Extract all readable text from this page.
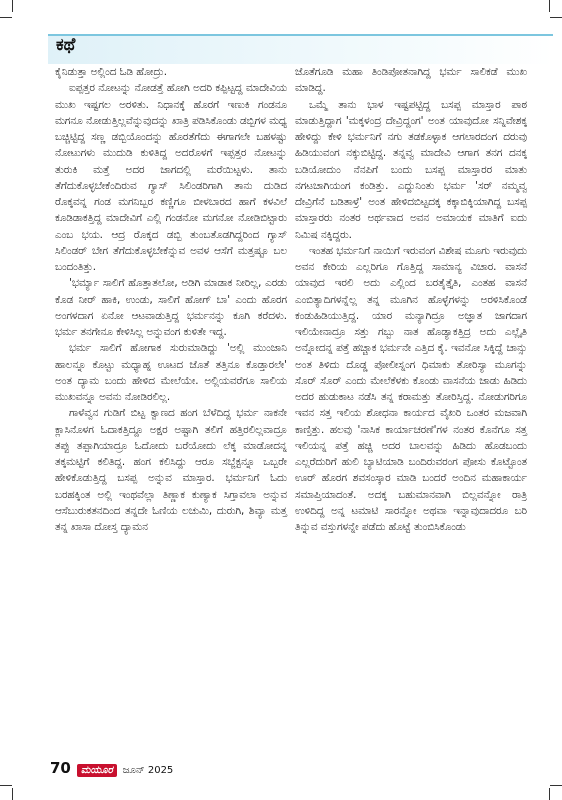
ಕಥೆ

ಕೈನಿಡುತ್ತಾ ಅಲ್ಲಿಂದ ಓಡಿ ಹೋದ್ರು.

ಐಪ್ಪತ್ತರ ನೋಟನ್ನು ನೋಡತ್ತೆ ಹೋಗಿ ಅದರಿ ಕಪ್ಪಿಟ್ಟದ್ದ ಮಾದೇವಿಯ ಮುಖ ಇಷ್ಟಗಲ ಅರಳಿತು. ನಿಧಾನಕ್ಕೆ ಹೊರಗೆ ಇಣುಕಿ ಗಂಡನೂ ಮಗನೂ ನೋಡುತ್ತಿಲ್ಲವೆನ್ನುವುದನ್ನು ಖಾತ್ರಿ ಪಡಿಸಿಕೊಂಡು ಡಬ್ಬಿಗಳ ಮಧ್ಯ ಬಚ್ಚಿಟ್ಟಿದ್ದ ಸಣ್ಣ ಡಬ್ಬಿಯೊಂದನ್ನು ಹೊರತೆಗೆದು ಈಗಾಗಲೇ ಬಹಳಷ್ಟು ನೋಟುಗಳು ಮುದುಡಿ ಕುಳಿತಿದ್ದ ಅದರೊಳಗೆ ಇಪ್ಪತ್ತರ ನೋಟನ್ನು ತುರುಕಿ ಮತ್ತೆ ಅದರ ಜಾಗದಲ್ಲಿ ಮರೆಯಿಟ್ಟಳು. ತಾನು ತೆಗೆದುಕೊಳ್ಳಬೇಕೆಂದಿರುವ ಗ್ಯಾಸ್ ಸಿಲಿಂಡರಿಗಾಗಿ ತಾನು ದುಡಿದ ರೊಕ್ಕವನ್ನ ಗಂಡ ಮಗನಿಬ್ಬರ ಕಣ್ಣಿಗೂ ಬೀಳಬಾರದ ಹಾಗೆ ಕಳವಿಲೆ ಕೂಡಿಡಾಕತ್ತಿದ್ದ ಮಾದೇವಿಗೆ ಎಲ್ಲಿ ಗಂಡನೋ ಮಗನೋ ನೋಡಿಬಿಟ್ಟಾರು ಎಂಬ ಭಯ. ಆದ್ರ ರೊಕ್ಕದ ಡಬ್ಬಿ ತುಂಬತೊಡಗಿದ್ದರಿಂದ ಗ್ಯಾಸ್ ಸಿಲಿಂಡರ್ ಬೇಗ ತೆಗೆದುಕೊಳ್ಳಬೇಕೆನ್ನುವ ಅವಳ ಆಸೆಗೆ ಮತ್ತಷ್ಟೂ ಬಲ ಬಂದಂತಿತ್ತು.

'ಭರ್ಮ್ಯಾ ಸಾಲಿಗೆ ಹೊತ್ತಾತಲೋ, ಅಡಿಗಿ ಮಾಡಾಕ ನೀರಿಲ್ಲ, ಎರಡು ಕೊಡ ನೀರ್ ಹಾಕಿ, ಉಂಡು, ಸಾಲಿಗೆ ಹೋಗ್ ಬಾ' ಎಂದು ಹೊರಗ ಅಂಗಳದಾಗ ಏನೋ ಆಟವಾಡುತ್ತಿದ್ದ ಭರ್ಮನನ್ನು ಕೂಗಿ ಕರೆದಳು. ಭರ್ಮ ತನಗೇನೂ ಕೇಳಿಸಿಲ್ಲ ಅನ್ನುವಂಗ ಕುಳಿತೇ ಇದ್ದ.

ಭರ್ಮ ಸಾಲಿಗೆ ಹೋಗಾಕ ಸುರುಮಾಡಿದ್ದು 'ಅಲ್ಲಿ ಮುಂಜಾನಿ ಹಾಲನ್ನೂ ಕೊಟ್ಟು ಮಧ್ಯಾಹ್ನ ಊಟದ ಜೊತೆ ತತ್ತಿನೂ ಕೊಡ್ತಾರಲೇ' ಅಂತ ದ್ಯಾಮ ಬಂದು ಹೇಳಿದ ಮೇಲೆಯೇ. ಅಲ್ಲಿಯವರೆಗೂ ಸಾಲಿಯ ಮುಖವನ್ನೂ ಅವನು ನೋಡಿರಲಿಲ್ಲ.

ಗಾಳೆವ್ವನ ಗುಡಿಗೆ ಬಿಟ್ಟ ಕ್ವಾಣದ ಹಂಗ ಬೆಳೆದಿದ್ದ ಭರ್ಮ ನಾಕನೇ ಕ್ಲಾಸಿನೊಳಗ ಓದಾಕತ್ತಿದ್ದೂ ಅಕ್ಷರ ಅಷ್ಟಾಗಿ ತಲಿಗೆ ಹತ್ತಿರಲಿಲ್ಲವಾದ್ರೂ ತಪ್ಪು ತಪ್ಪಾಗಿಯಾದ್ರೂ ಓದೋದು ಬರೆಯೋದು ಲೆಕ್ಕ ಮಾಡೋದನ್ನ ತಕ್ಕಮಟ್ಟಿಗೆ ಕಲಿತಿದ್ದ. ಹಂಗ ಕಲಿಸಿದ್ದು ಆರೂ ಸಬ್ಜೆಕ್ಟನ್ನೂ ಒಬ್ಬರೇ ಹೇಳಿಕೊಡುತ್ತಿದ್ದ ಬಸಪ್ಪ ಅನ್ನುವ ಮಾಸ್ತಾರ. ಭರ್ಮನಿಗೆ ಓದು ಬರಹಕ್ಕಿಂತ ಅಲ್ಲಿ ಇಂಥವೆಲ್ಲಾ ತಿಣ್ಣಾಕ ಕುಣ್ಯಾಕ ಸಿಗ್ತಾವಲಾ ಅನ್ನುವ ಆಸೆಬುರುಕತನದಿಂದ ತನ್ನದೇ ಓಣಿಯ ಲಚುಮಿ, ದುರುಗಿ, ಶಿವ್ಯಾ ಮತ್ತ ತನ್ನ ಖಾಸಾ ದೋಸ್ತ ದ್ಯಾಮನ

ಜೊತೆಗೂಡಿ ಮಹಾ ತಿಂಡಿಪೋತನಾಗಿದ್ದ ಭರ್ಮ ಸಾಲಿಕಡೆ ಮುಖ ಮಾಡಿದ್ದ.

ಒಮ್ಮೆ ತಾನು ಭಾಳ ಇಷ್ಟಪಟ್ಟಿದ್ದ ಬಸಪ್ಪ ಮಾಸ್ತಾರ ಪಾಠ ಮಾಡುತ್ತಿದ್ದಾಗ 'ಮಕ್ಕಳಂದ್ರ ದೇವ್ರಿದ್ದಂಗ' ಅಂತ ಯಾವುದೋ ಸನ್ನಿವೇಶಕ್ಕ ಹೇಳಿದ್ದು ಕೇಳಿ ಭರ್ಮನಿಗೆ ನಗು ತಡಕೊಳ್ಳಾಕ ಆಗಲಾರದಂಗ ದರುವು ಹಿಡಿಯುವಂಗ ನಕ್ಕುಬಿಟ್ಟಿದ್ದ. ತನ್ನವ್ವ ಮಾದೇವಿ ಆಗಾಗ ತನಗ ದನಕ್ಕ ಬಡಿಯೋದುಂ ನೆನಪಿಗೆ ಬಂದು ಬಸಪ್ಪ ಮಾಸ್ತಾರರ ಮಾತು ನಗಟಚಾಗಿಯಂಗ ಕಂಡಿತ್ತು. ಎದ್ದುನಿಂತು ಭರ್ಮ 'ಸರ್ ನಮ್ಮವ್ವ ದೇವ್ರಿಗೆನೆ ಬಡಿತಾಳ್ರೆ' ಅಂತ ಹೇಳಿದಬಿಟ್ಟದಕ್ಕ ಕಕ್ಕಾಬಿಕ್ಕಿಯಾಗಿದ್ದ ಬಸಪ್ಪ ಮಾಸ್ತಾರರು ನಂತರ ಅರ್ಥವಾದ ಅವನ ಅಮಾಯಕ ಮಾತಿಗೆ ಐದು ನಿಮಿಷ ನಕ್ಕಿದ್ದರು.

ಇಂತಹ ಭರ್ಮನಿಗೆ ನಾಯಿಗೆ ಇರುವಂಗ ವಿಶೇಷ ಮೂಗು ಇರುವುದು ಅವನ ಕೇರಿಯ ಎಲ್ಲರಿಗೂ ಗೊತ್ತಿದ್ದ ಸಾಮಾನ್ಯ ವಿಚಾರ. ವಾಸನೆ ಯಾವುದ ಇರಲಿ ಅದು ಎಲ್ಲಿಂದ ಬರತೈತ್ತೈತಿ, ಎಂತಹ ವಾಸನೆ ಎಂಬಿತ್ಯಾದಿಗಳನ್ನೆಲ್ಲ ತನ್ನ ಮೂಗಿನ ಹೊಳ್ಳೆಗಳನ್ನು ಅರಳಿಸಿಕೊಂಡೆ ಕಂಡುಹಿಡಿಯುತ್ತಿದ್ದ. ಯಾರ ಮನ್ಯಾಗಿದ್ರೂ ಅಜ್ಞಾತ ಜಾಗದಾಗ ಇಲಿಯೇನಾದ್ರೂ ಸತ್ತು ಗಬ್ಬು ನಾತ ಹೊಡ್ಯಾಕತ್ತಿದ್ರ ಅದು ಎಲ್ಲೈತಿ ಅನ್ನೋದನ್ನ ಪತ್ತೆ ಹಚ್ಚಾಕ ಭರ್ಮನೇ ಎತ್ತಿದ ಕೈ. ಇವನೋ ಸಿಕ್ಕಿದ್ದೆ ಚಾನ್ಸು ಅಂತ ತಿಳಿದು ದೊಡ್ಡ ಪೋಲೀಸ್ನಂಗ ಧಿಮಾಕು ತೋರಿಸ್ಯಾ ಮೂಗನ್ನು ಸೊರ್ ಸೊರ್ ಎಂದು ಮೇಲೆಕೆಳಕು ಕೊಂಡು ವಾಸನೆಯ ಜಾಡು ಹಿಡಿದು ಅದರ ಹುಡುಕಾಟ ನಡೆಸಿ ತನ್ನ ಕರಾಮತ್ತು ತೋರಿಸ್ತಿದ್ದ. ನೋಡುಗರಿಗೂ ಇವನ ಸತ್ತ ಇಲಿಯ ಶೋಧನಾ ಕಾರ್ಯದ ವೈಖರಿ ಒಂತರ ಮಜವಾಗಿ ಕಾಣ್ತಿತ್ತು. ಹಲವು 'ನಾಸಿಕ ಕಾರ್ಯಾಚರಣೆ'ಗಳ ನಂತರ ಕೊನೆಗೂ ಸತ್ತ ಇಲಿಯನ್ನ ಪತ್ತೆ ಹಚ್ಚಿ ಅದರ ಬಾಲವನ್ನು ಹಿಡಿದು ಹೊಡಬಂದು ಎಲ್ಲರೆದುರಿಗೆ ಹುಲಿ ಬ್ಯಾಟಿಯಾಡಿ ಬಂದಿರುವರಂಗ ಪೋಸು ಕೊಟ್ಟೊಂತ ಊರ್ ಹೊರಗ ಶವಸಂಸ್ಕಾರ ಮಾಡಿ ಬಂದರೆ ಅಂದಿನ ಮಹಾಕಾರ್ಯ ಸಮಾಪ್ತಿಯಾದಂತೆ. ಅದಕ್ಕ ಬಹುಮಾನವಾಗಿ ಬಿಲ್ಲವನ್ನೋ ರಾತ್ರಿ ಉಳಿದಿದ್ದ ಅನ್ನ ಟಮಾಟಿ ಸಾರನ್ನೋ ಅಥವಾ ಇನ್ನಾವುದಾದರೂ ಬರಿ ತಿನ್ನುವ ವಸ್ತುಗಳನ್ನೇ ಪಡೆದು ಹೊಟ್ಟೆ ತುಂಬಿಸಿಕೊಂಡು

70	ಮಯೂರ	ಜೂನ್ 2025
